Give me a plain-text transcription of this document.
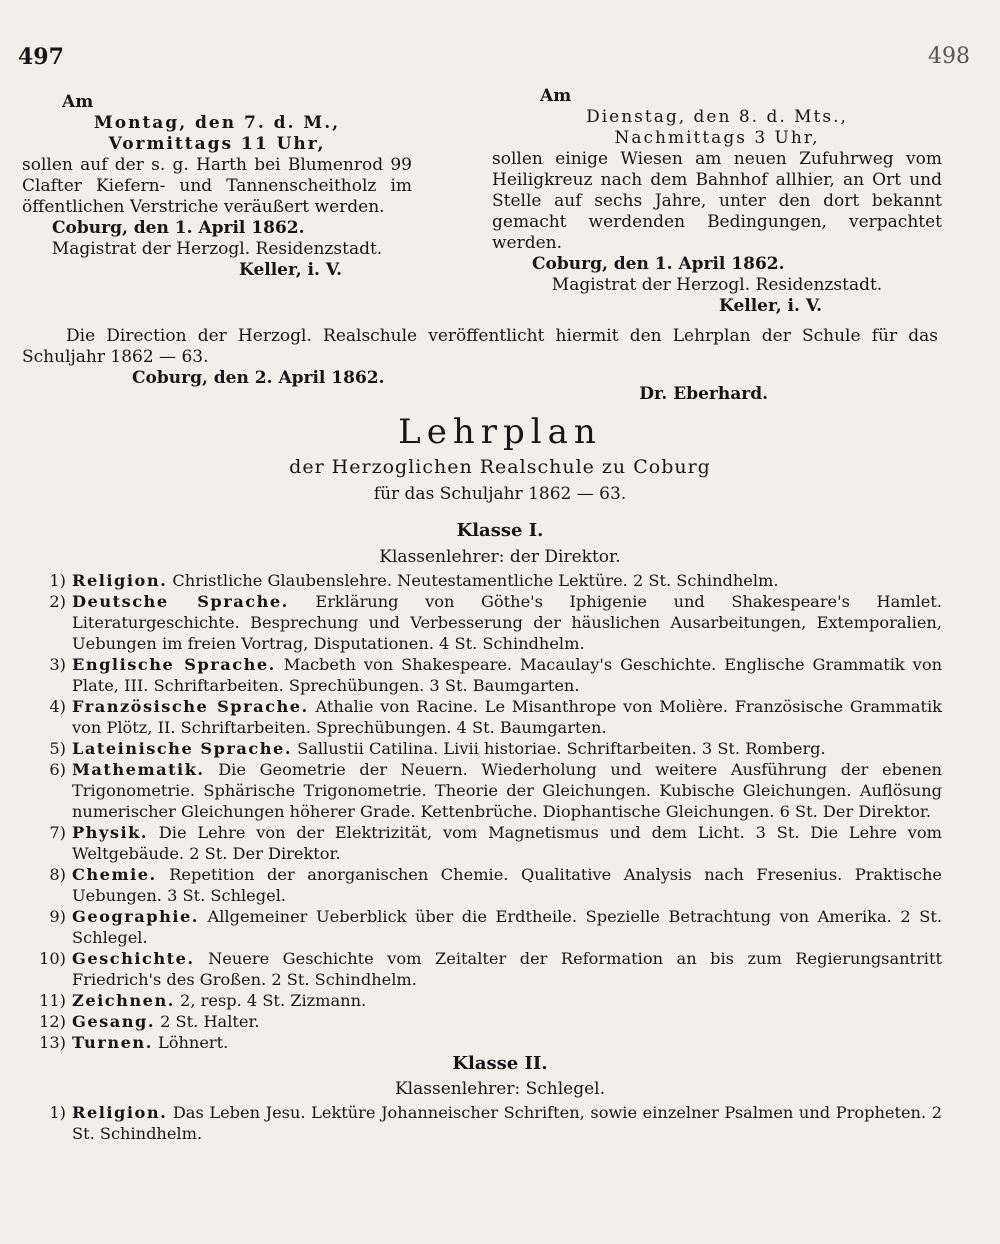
497	498
Am
Montag, den 7. d. M.,
Vormittags 11 Uhr,
sollen auf der s. g. Harth bei Blumenrod 99 Clafter Kiefern- und Tannenscheitholz im öffentlichen Verstriche veräußert werden.
Coburg, den 1. April 1862.
Magistrat der Herzogl. Residenzstadt.
Keller, i. V.
Am
Dienstag, den 8. d. Mts.,
Nachmittags 3 Uhr,
sollen einige Wiesen am neuen Zufuhrweg vom Heiligkreuz nach dem Bahnhof allhier, an Ort und Stelle auf sechs Jahre, unter den dort bekannt gemacht werdenden Bedingungen, verpachtet werden.
Coburg, den 1. April 1862.
Magistrat der Herzogl. Residenzstadt.
Keller, i. V.
Die Direction der Herzogl. Realschule veröffentlicht hiermit den Lehrplan der Schule für das Schuljahr 1862 — 63.
Coburg, den 2. April 1862.
Dr. Eberhard.
Lehrplan
der Herzoglichen Realschule zu Coburg
für das Schuljahr 1862 — 63.
Klasse I.
Klassenlehrer: der Direktor.
1) Religion. Christliche Glaubenslehre. Neutestamentliche Lektüre. 2 St. Schindhelm.
2) Deutsche Sprache. Erklärung von Göthe's Iphigenie und Shakespeare's Hamlet. Literaturgeschichte. Besprechung und Verbesserung der häuslichen Ausarbeitungen, Extemporalien, Uebungen im freien Vortrag, Disputationen. 4 St. Schindhelm.
3) Englische Sprache. Macbeth von Shakespeare. Macaulay's Geschichte. Englische Grammatik von Plate, III. Schriftarbeiten. Sprechübungen. 3 St. Baumgarten.
4) Französische Sprache. Athalie von Racine. Le Misanthrope von Molière. Französische Grammatik von Plötz, II. Schriftarbeiten. Sprechübungen. 4 St. Baumgarten.
5) Lateinische Sprache. Sallustii Catilina. Livii historiae. Schriftarbeiten. 3 St. Romberg.
6) Mathematik. Die Geometrie der Neuern. Wiederholung und weitere Ausführung der ebenen Trigonometrie. Sphärische Trigonometrie. Theorie der Gleichungen. Kubische Gleichungen. Auflösung numerischer Gleichungen höherer Grade. Kettenbrüche. Diophantische Gleichungen. 6 St. Der Direktor.
7) Physik. Die Lehre von der Elektrizität, vom Magnetismus und dem Licht. 3 St. Die Lehre vom Weltgebäude. 2 St. Der Direktor.
8) Chemie. Repetition der anorganischen Chemie. Qualitative Analysis nach Fresenius. Praktische Uebungen. 3 St. Schlegel.
9) Geographie. Allgemeiner Ueberblick über die Erdtheile. Spezielle Betrachtung von Amerika. 2 St. Schlegel.
10) Geschichte. Neuere Geschichte vom Zeitalter der Reformation an bis zum Regierungsantritt Friedrich's des Großen. 2 St. Schindhelm.
11) Zeichnen. 2, resp. 4 St. Zizmann.
12) Gesang. 2 St. Halter.
13) Turnen. Löhnert.
Klasse II.
Klassenlehrer: Schlegel.
1) Religion. Das Leben Jesu. Lektüre Johanneischer Schriften, sowie einzelner Psalmen und Propheten. 2 St. Schindhelm.
